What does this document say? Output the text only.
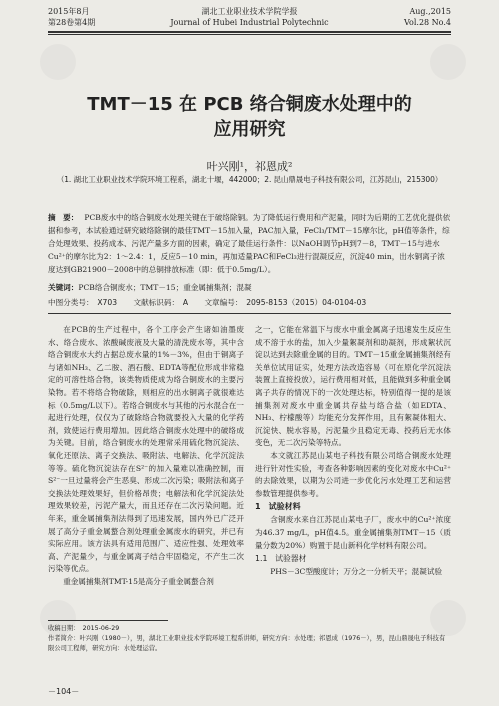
2015年8月
第28卷第4期
湖北工业职业技术学院学报
Journal of Hubei Industrial Polytechnic
Aug.,2015
Vol.28 No.4
TMT－15 在 PCB 络合铜废水处理中的
应用研究
叶兴刚¹，祁恩成²
（1. 湖北工业职业技术学院环境工程系，湖北十堰，442000；2. 昆山鼎晟电子科技有限公司，江苏昆山，215300）
摘　要： PCB废水中的络合铜废水处理关键在于破络除铜。为了降低运行费用和产泥量，同时为后期的工艺优化提供依据和参考，本试验通过研究破络除铜的最佳TMT－15加入量，PAC加入量，FeCl₃/TMT－15摩尔比，pH值等条件，综合处理效果、投药成本、污泥产量多方面的因素，确定了最佳运行条件：以NaOH调节pH到7－8，TMT－15与进水Cu²⁺的摩尔比为2：1～2.4：1，反应5－10 min，再加适量PAC和FeCl₃进行混凝反应，沉淀40 min，出水铜离子浓度达到GB21900－2008中的总铜排放标准（即：低于0.5mg/L）。
关键词：PCB络合铜废水；TMT－15；重金属捕集剂；混凝
中图分类号：　X703 文献标识码：　A 文章编号：　2095-8153（2015）04-0104-03

在PCB的生产过程中，各个工序会产生诸如油墨废水、络合废水、浓酸碱废液及大量的清洗废水等，其中含络合铜废水大约占据总废水量的1%－3%，但由于铜离子与诸如NH₃、乙二胺、酒石酸、EDTA等配位形成非常稳定的可溶性络合物，该类物质使成为络合铜废水的主要污染物。若不将络合物破除，则相应的出水铜离子就很难达标（0.5mg/L以下）。若络合铜废水与其他的污水混合在一起进行处理，仅仅为了破除络合物就要投入大量的化学药剂，致使运行费用增加。因此络合铜废水处理中的破络成为关键。目前，络合铜废水的处理常采用硫化物沉淀法、氧化还原法、离子交换法、吸附法、电解法、化学沉淀法等等。硫化物沉淀法存在S²⁻的加入量难以准确控制，而S²⁻一旦过量将会产生恶臭、形成二次污染；吸附法和离子交换法处理效果好，但价格昂贵；电解法和化学沉淀法处理效果较差，污泥产量大，而且还存在二次污染问题。近年来，重金属捕集剂法得到了迅速发展，国内外已广泛开展了高分子重金属螯合剂处理重金属废水的研究，并已有实际应用。该方法具有适用范围广、适应性强、处理效率高、产泥量少，与重金属离子结合牢固稳定，不产生二次污染等优点。

重金属捕集剂TMT-15是高分子重金属螯合剂

之一，它能在常温下与废水中重金属离子迅速发生反应生成不溶于水的盐，加入少量絮凝剂和助凝剂，形成絮状沉淀以达到去除重金属的目的。TMT－15重金属捕集剂经有关单位试用证实，处理方法改造容易（可在原化学沉淀法装置上直接投放），运行费用相对低，且能做到多种重金属离子共存的情况下的一次处理达标，特别值得一提的是该捕集剂对废水中重金属共存盐与络合盐（如EDTA、NH₃、柠檬酸等）均能充分发挥作用，且有絮凝体粗大、沉淀快、脱水容易，污泥量少且稳定无毒、投药后无水体变色，无二次污染等特点。

本文就江苏昆山某电子科技有限公司络合铜废水处理进行针对性实验，考查各种影响因素的变化对废水中Cu²⁺的去除效果，以期为公司进一步优化污水处理工艺和运营参数管理提供参考。

1　试验材料

含铜废水来自江苏昆山某电子厂，废水中的Cu²⁺浓度为46.37 mg/L，pH值4.5。重金属捕集剂TMT－15（质量分数为20%）购置于昆山新科化学材料有限公司。

1.1　试验器材

PHS－3C型酸度计；万分之一分析天平；混凝试验

收稿日期：　2015-06-29
作者简介：叶兴刚（1980－），男，湖北工业职业技术学院环境工程系讲师，研究方向：水处理；祁恩成（1976－），男，昆山鼎晟电子科技有限公司工程师，研究方向：水处理运营。
－104－
